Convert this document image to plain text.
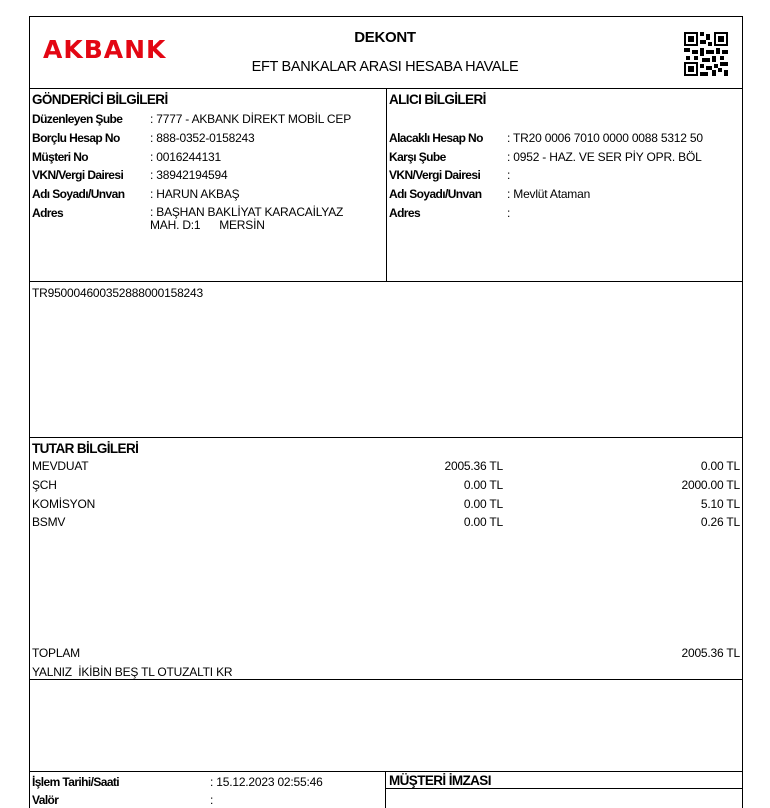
AKBANK	DEKONT
EFT BANKALAR ARASI HESABA HAVALE
GÖNDERİCİ BİLGİLERİ
Düzenleyen Şube : 7777 - AKBANK DİREKT MOBİL CEP
Borçlu Hesap No	: 888-0352-0158243
Müşteri No	: 0016244131
VKN/Vergi Dairesi : 38942194594
Adı Soyadı/Unvan : HARUN AKBAŞ
Adres	: BAŞHAN BAKLİYAT KARACAİLYAZ MAH. D:1      MERSİN
ALICI BİLGİLERİ
Alacaklı Hesap No : TR20 0006 7010 0000 0088 5312 50
Karşı Şube	: 0952 - HAZ. VE SER PİY OPR. BÖL
VKN/Vergi Dairesi :
Adı Soyadı/Unvan : Mevlüt Ataman
Adres	:
TR950004600352888000158243
TUTAR BİLGİLERİ
MEVDUAT	2005.36 TL	0.00 TL
ŞCH	0.00 TL	2000.00 TL
KOMİSYON	0.00 TL	5.10 TL
BSMV	0.00 TL	0.26 TL
TOPLAM	2005.36 TL
YALNIZ  İKİBİN BEŞ TL OTUZALTI KR
İşlem Tarihi/Saati	: 15.12.2023 02:55:46
Valör	:
MÜŞTERİ İMZASI
